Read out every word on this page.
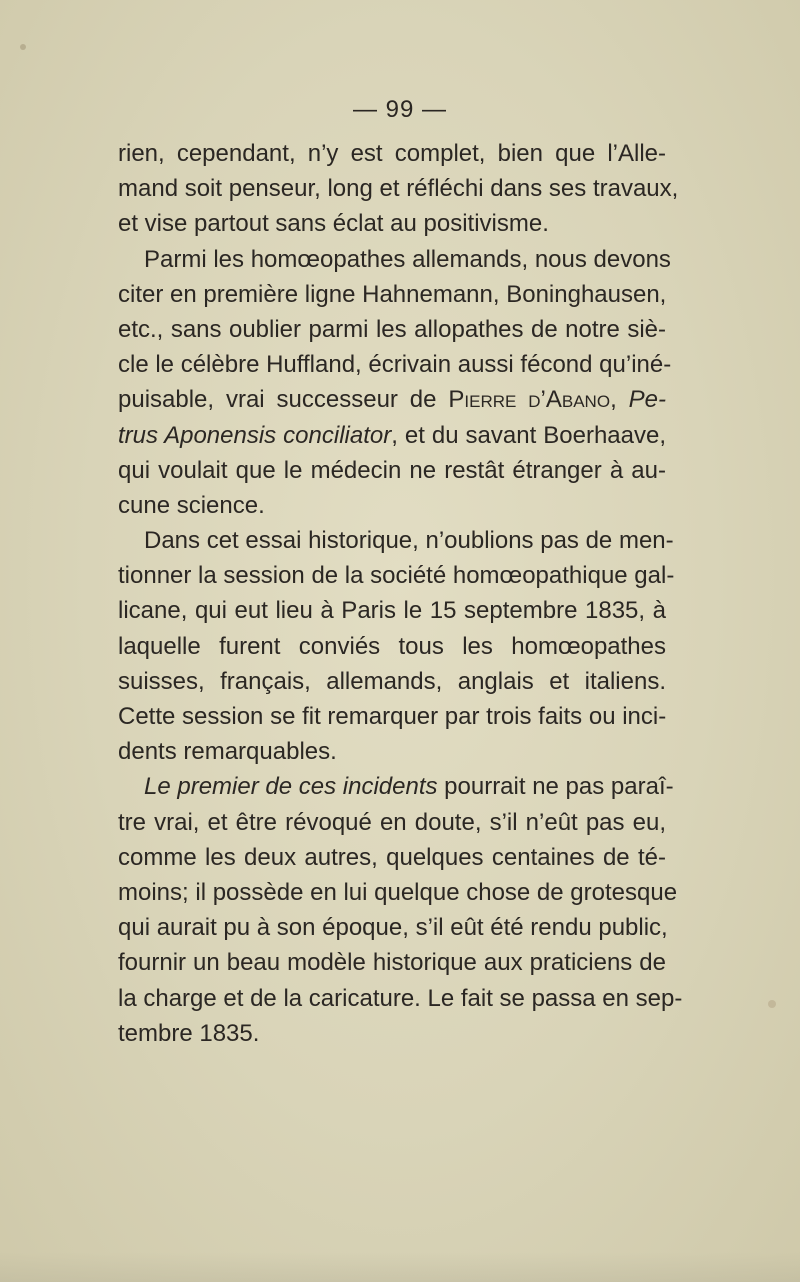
— 99 —
rien, cependant, n’y est complet, bien que l’Alle-
mand soit penseur, long et réfléchi dans ses travaux,
et vise partout sans éclat au positivisme.
Parmi les homœopathes allemands, nous devons
citer en première ligne Hahnemann, Boninghausen,
etc., sans oublier parmi les allopathes de notre siè-
cle le célèbre Huffland, écrivain aussi fécond qu’iné-
puisable, vrai successeur de Pierre d’Abano, Pe-
trus Aponensis conciliator, et du savant Boerhaave,
qui voulait que le médecin ne restât étranger à au-
cune science.
Dans cet essai historique, n’oublions pas de men-
tionner la session de la société homœopathique gal-
licane, qui eut lieu à Paris le 15 septembre 1835, à
laquelle furent conviés tous les homœopathes
suisses, français, allemands, anglais et italiens.
Cette session se fit remarquer par trois faits ou inci-
dents remarquables.
Le premier de ces incidents pourrait ne pas paraî-
tre vrai, et être révoqué en doute, s’il n’eût pas eu,
comme les deux autres, quelques centaines de té-
moins; il possède en lui quelque chose de grotesque
qui aurait pu à son époque, s’il eût été rendu public,
fournir un beau modèle historique aux praticiens de
la charge et de la caricature. Le fait se passa en sep-
tembre 1835.
